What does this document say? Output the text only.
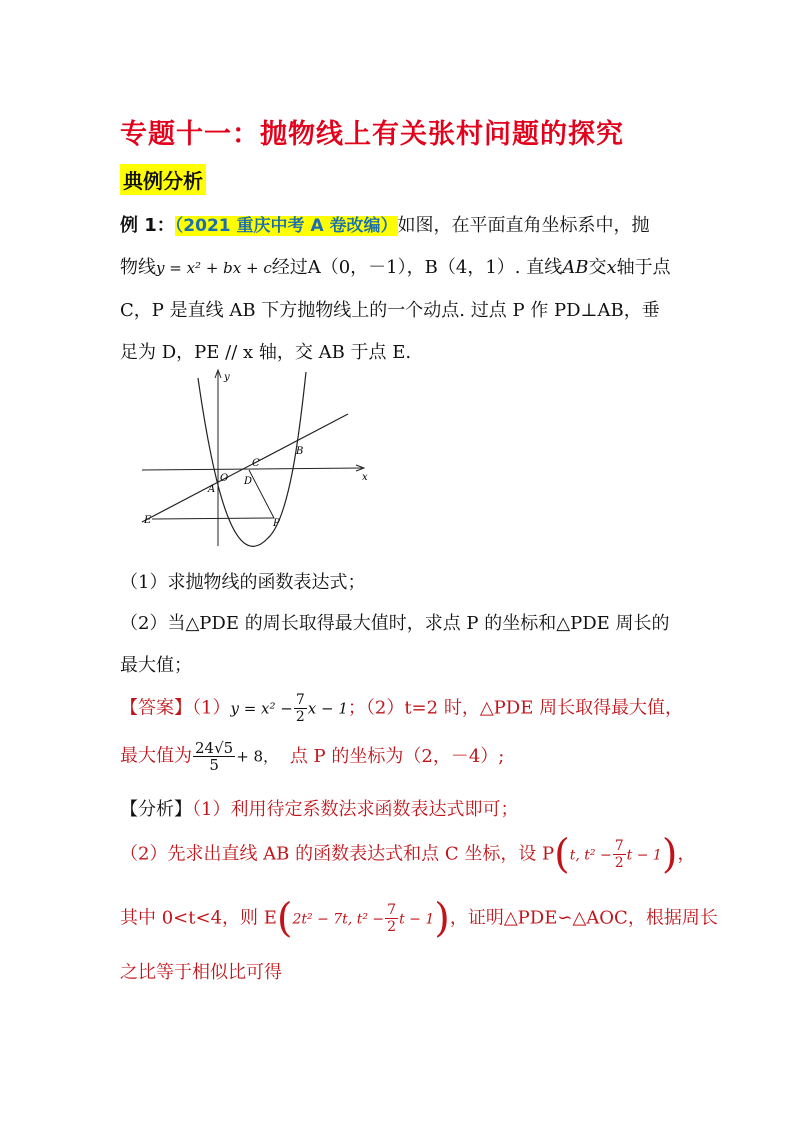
专题十一：抛物线上有关张村问题的探究
典例分析
例 1：（2021 重庆中考 A 卷改编）如图，在平面直角坐标系中，抛
物线y = x² + bx + c经过A（0，－1），B（4，1）. 直线AB交x轴于点
C，P 是直线 AB 下方抛物线上的一个动点. 过点 P 作 PD⊥AB，垂
足为 D，PE // x 轴，交 AB 于点 E.
y
x
O
A
C
D
B
E	P
（1）求抛物线的函数表达式；
（2）当△PDE 的周长取得最大值时，求点 P 的坐标和△PDE 周长的
最大值；
【答案】$(1)y = x^2 - \frac{7}{2}$ x − 1；（2）t=2 时，△PDE 周长取得最大值，
最大值为 $\frac{24√5}{5} + 8$， 点 P 的坐标为（2，－4）;
【分析】（1）利用待定系数法求函数表达式即可；
（2）先求出直线 AB 的函数表达式和点 C 坐标，设 P(t, $t^2 - \frac{7}{2}$ t − 1)，
其中 0<t<4，则 E(2t² − 7t, $t^2 - \frac{7}{2}$ t − 1)，证明△PDE∽△AOC，根据周长
之比等于相似比可得
